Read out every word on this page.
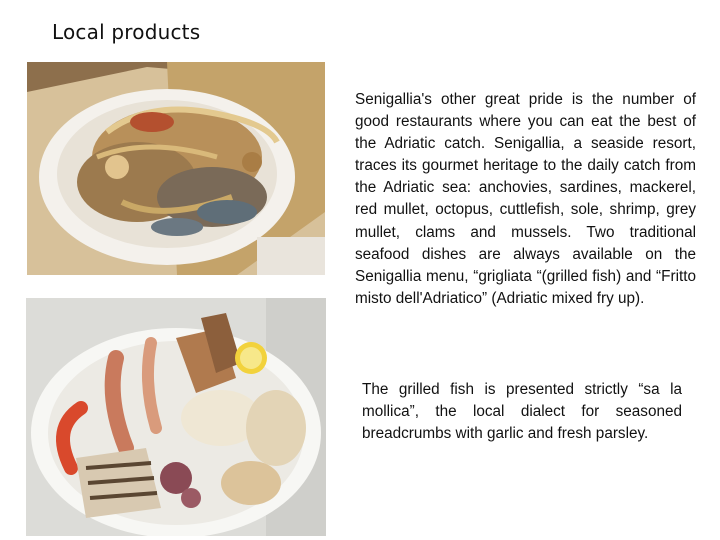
Local products

Senigallia's other great pride is the number of good restaurants where you can eat the best of the Adriatic catch. Senigallia, a seaside resort, traces its gourmet heritage to the daily catch from the Adriatic sea: anchovies, sardines, mackerel, red mullet, octopus, cuttlefish, sole, shrimp, grey mullet, clams and mussels. Two traditional seafood dishes are always available on the Senigallia menu, “grigliata “(grilled fish) and “Fritto misto dell'Adriatico” (Adriatic mixed fry up).

The grilled fish is presented strictly “sa la mollica”, the local dialect for seasoned breadcrumbs with garlic and fresh parsley.
